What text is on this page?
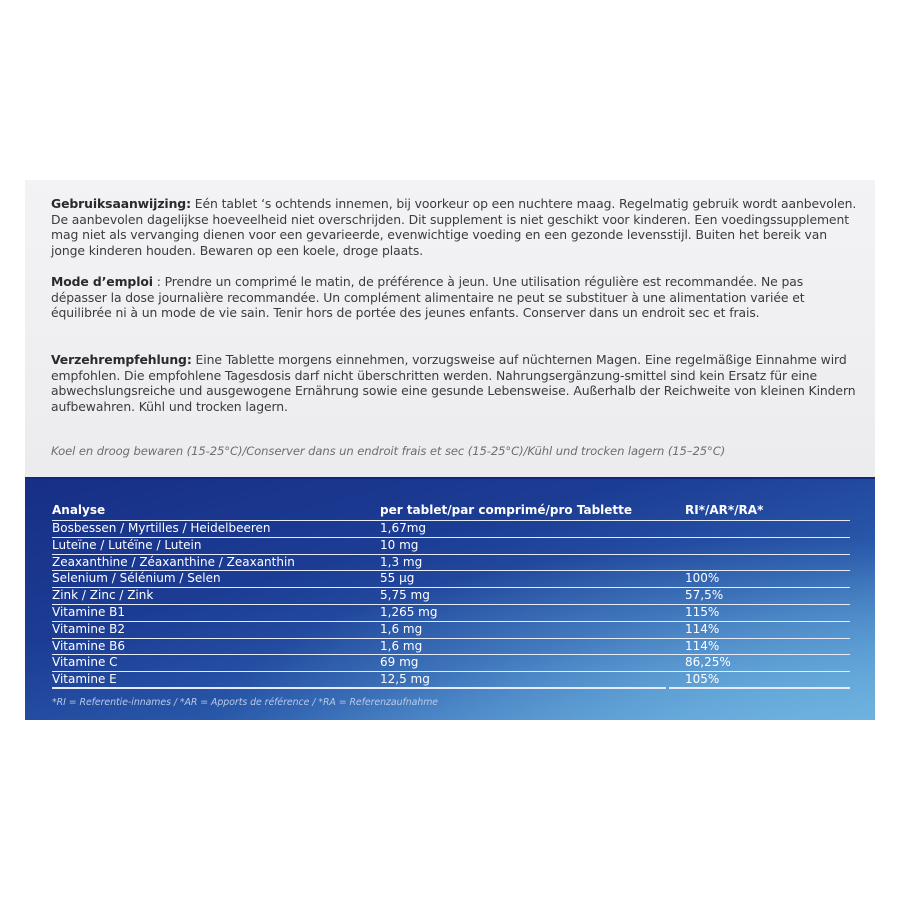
Gebruiksaanwijzing: Eén tablet ‘s ochtends innemen, bij voorkeur op een nuchtere maag. Regelmatig gebruik wordt aanbevolen. De aanbevolen dagelijkse hoeveelheid niet overschrijden. Dit supplement is niet geschikt voor kinderen. Een voedingssupplement mag niet als vervanging dienen voor een gevarieerde, evenwichtige voeding en een gezonde levensstijl. Buiten het bereik van jonge kinderen houden. Bewaren op een koele, droge plaats.
Mode d’emploi : Prendre un comprimé le matin, de préférence à jeun. Une utilisation régulière est recommandée. Ne pas dépasser la dose journalière recommandée. Un complément alimentaire ne peut se substituer à une alimentation variée et équilibrée ni à un mode de vie sain. Tenir hors de portée des jeunes enfants. Conserver dans un endroit sec et frais.
Verzehrempfehlung: Eine Tablette morgens einnehmen, vorzugsweise auf nüchternen Magen. Eine regelmäßige Einnahme wird empfohlen. Die empfohlene Tagesdosis darf nicht überschritten werden. Nahrungsergänzung-smittel sind kein Ersatz für eine abwechslungsreiche und ausgewogene Ernährung sowie eine gesunde Lebensweise. Außerhalb der Reichweite von kleinen Kindern aufbewahren. Kühl und trocken lagern.
Koel en droog bewaren (15-25°C)/Conserver dans un endroit frais et sec (15-25°C)/Kühl und trocken lagern (15–25°C)
Analyse	per tablet/par comprimé/pro Tablette	RI*/AR*/RA*
Bosbessen / Myrtilles / Heidelbeeren	1,67mg
Luteïne / Lutéïne / Lutein	10 mg
Zeaxanthine / Zéaxanthine / Zeaxanthin	1,3 mg
Selenium / Sélénium / Selen	55 µg	100%
Zink / Zinc / Zink	5,75 mg	57,5%
Vitamine B1	1,265 mg	115%
Vitamine B2	1,6 mg	114%
Vitamine B6	1,6 mg	114%
Vitamine C	69 mg	86,25%
Vitamine E	12,5 mg	105%
*RI = Referentie-innames / *AR = Apports de référence / *RA = Referenzaufnahme
